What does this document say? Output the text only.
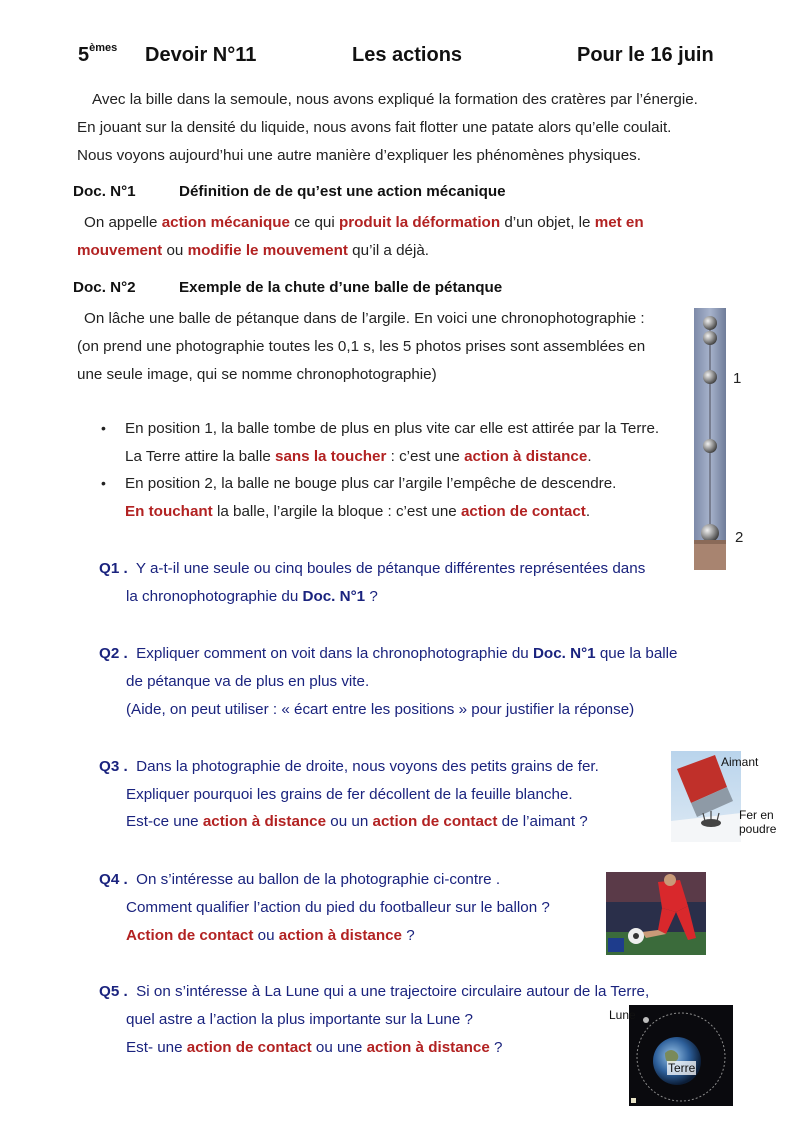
5èmes Devoir N°11	Les actions	Pour le 16 juin
Avec la bille dans la semoule, nous avons expliqué la formation des cratères par l’énergie.
En jouant sur la densité du liquide, nous avons fait flotter une patate alors qu’elle coulait.
Nous voyons aujourd’hui une autre manière d’expliquer les phénomènes physiques.
Doc. N°1	Définition de de qu’est une action mécanique
On appelle action mécanique ce qui produit la déformation d’un objet, le met en
mouvement ou modifie le mouvement qu’il a déjà.
Doc. N°2	Exemple de la chute d’une balle de pétanque
On lâche une balle de pétanque dans de l’argile. En voici une chronophotographie :
(on prend une photographie toutes les 0,1 s, les 5 photos prises sont assemblées en
une seule image, qui se nomme chronophotographie)
• En position 1, la balle tombe de plus en plus vite car elle est attirée par la Terre.
La Terre attire la balle sans la toucher : c’est une action à distance.
• En position 2, la balle ne bouge plus car l’argile l’empêche de descendre.
En touchant la balle, l’argile la bloque : c’est une action de contact.
1
2
Q1 . Y a-t-il une seule ou cinq boules de pétanque différentes représentées dans
la chronophotographie du Doc. N°1 ?
Q2 . Expliquer comment on voit dans la chronophotographie du Doc. N°1 que la balle
de pétanque va de plus en plus vite.
(Aide, on peut utiliser : « écart entre les positions » pour justifier la réponse)
Q3 . Dans la photographie de droite, nous voyons des petits grains de fer.
Expliquer pourquoi les grains de fer décollent de la feuille blanche.
Est-ce une action à distance ou un action de contact de l’aimant ?
Aimant
Fer en
poudre
Q4 . On s’intéresse au ballon de la photographie ci-contre .
Comment qualifier l’action du pied du footballeur sur le ballon ?
Action de contact ou action à distance ?
Q5 . Si on s’intéresse à La Lune qui a une trajectoire circulaire autour de la Terre,
quel astre a l’action la plus importante sur la Lune ?
Est- une action de contact ou une action à distance ?
Lune
Terre
